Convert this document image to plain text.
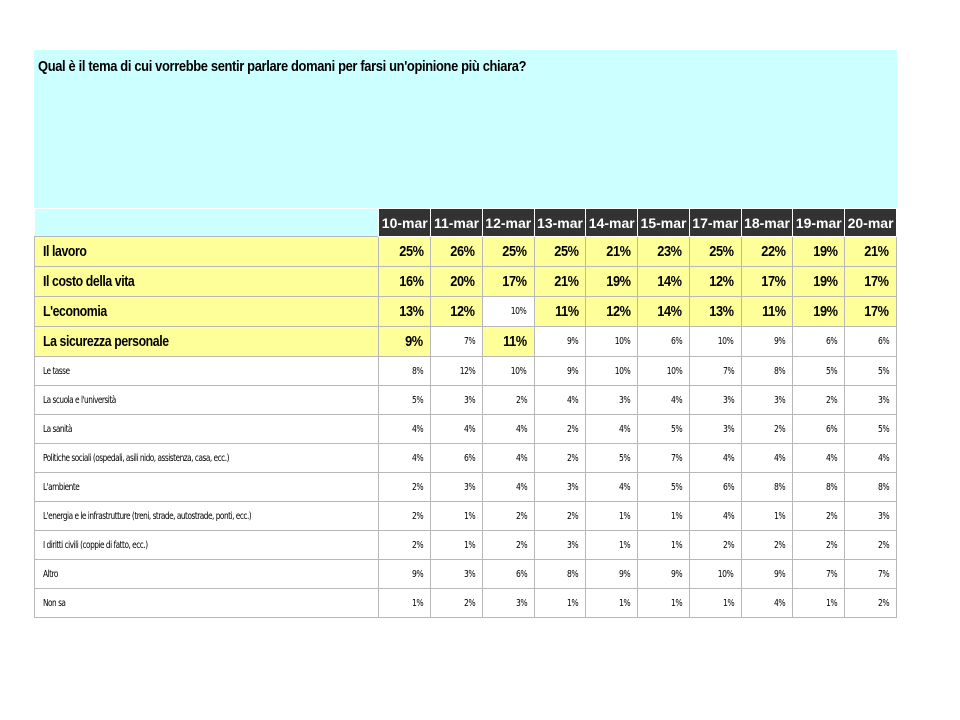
Qual è il tema di cui vorrebbe sentir parlare domani per farsi un'opinione più chiara?
	10-mar	11-mar	12-mar	13-mar	14-mar	15-mar	17-mar	18-mar	19-mar	20-mar
Il lavoro	25%	26%	25%	25%	21%	23%	25%	22%	19%	21%
Il costo della vita	16%	20%	17%	21%	19%	14%	12%	17%	19%	17%
L'economia	13%	12%	10%	11%	12%	14%	13%	11%	19%	17%
La sicurezza personale	9%	7%	11%	9%	10%	6%	10%	9%	6%	6%
Le tasse	8%	12%	10%	9%	10%	10%	7%	8%	5%	5%
La scuola e l'università	5%	3%	2%	4%	3%	4%	3%	3%	2%	3%
La sanità	4%	4%	4%	2%	4%	5%	3%	2%	6%	5%
Politiche sociali (ospedali, asili nido, assistenza, casa, ecc.)	4%	6%	4%	2%	5%	7%	4%	4%	4%	4%
L'ambiente	2%	3%	4%	3%	4%	5%	6%	8%	8%	8%
L'energia e le infrastrutture (treni, strade, autostrade, ponti, ecc.)	2%	1%	2%	2%	1%	1%	4%	1%	2%	3%
I diritti civili (coppie di fatto, ecc.)	2%	1%	2%	3%	1%	1%	2%	2%	2%	2%
Altro	9%	3%	6%	8%	9%	9%	10%	9%	7%	7%
Non sa	1%	2%	3%	1%	1%	1%	1%	4%	1%	2%
